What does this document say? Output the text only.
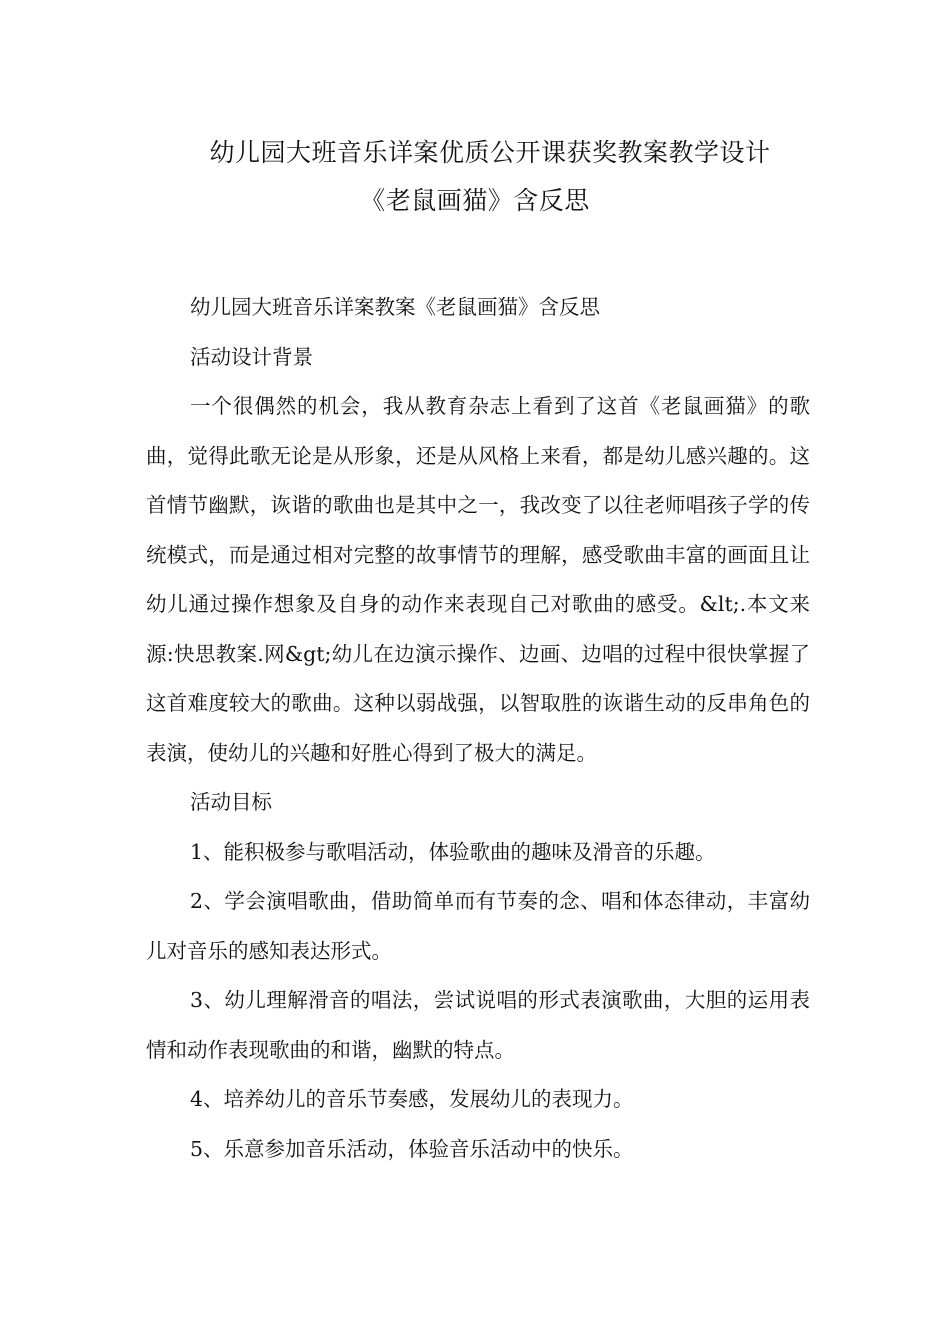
幼儿园大班音乐详案优质公开课获奖教案教学设计
《老鼠画猫》含反思

幼儿园大班音乐详案教案《老鼠画猫》含反思

活动设计背景

一个很偶然的机会，我从教育杂志上看到了这首《老鼠画猫》的歌曲，觉得此歌无论是从形象，还是从风格上来看，都是幼儿感兴趣的。这首情节幽默，诙谐的歌曲也是其中之一，我改变了以往老师唱孩子学的传统模式，而是通过相对完整的故事情节的理解，感受歌曲丰富的画面且让幼儿通过操作想象及自身的动作来表现自己对歌曲的感受。&lt;.本文来源:快思教案.网&gt;幼儿在边演示操作、边画、边唱的过程中很快掌握了这首难度较大的歌曲。这种以弱战强，以智取胜的诙谐生动的反串角色的表演，使幼儿的兴趣和好胜心得到了极大的满足。

活动目标

1、能积极参与歌唱活动，体验歌曲的趣味及滑音的乐趣。

2、学会演唱歌曲，借助简单而有节奏的念、唱和体态律动，丰富幼儿对音乐的感知表达形式。

3、幼儿理解滑音的唱法，尝试说唱的形式表演歌曲，大胆的运用表情和动作表现歌曲的和谐，幽默的特点。

4、培养幼儿的音乐节奏感，发展幼儿的表现力。

5、乐意参加音乐活动，体验音乐活动中的快乐。
